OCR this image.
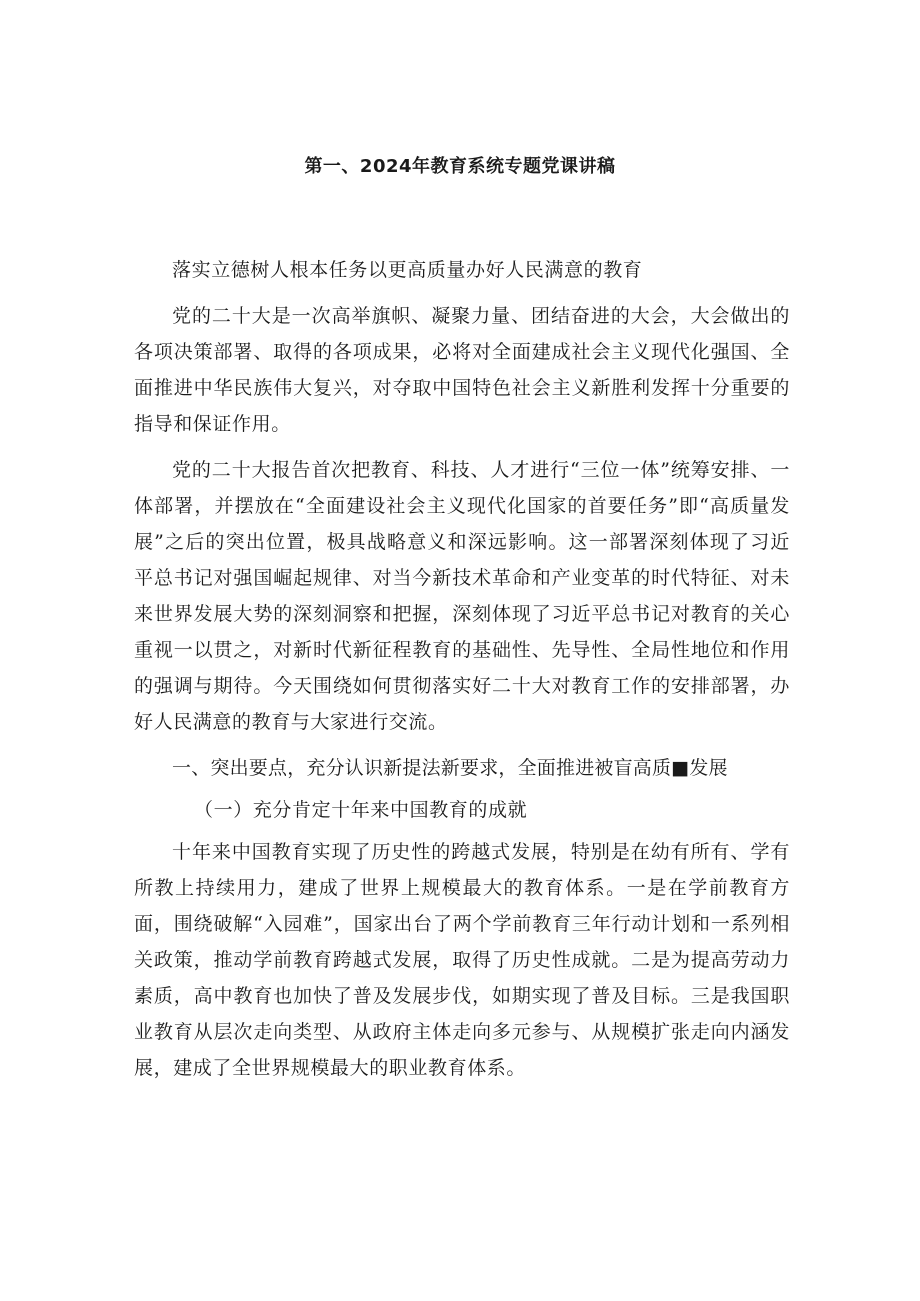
第一、2024年教育系统专题党课讲稿

落实立德树人根本任务以更高质量办好人民满意的教育

党的二十大是一次高举旗帜、凝聚力量、团结奋进的大会，大会做出的各项决策部署、取得的各项成果，必将对全面建成社会主义现代化强国、全面推进中华民族伟大复兴，对夺取中国特色社会主义新胜利发挥十分重要的指导和保证作用。

党的二十大报告首次把教育、科技、人才进行“三位一体”统筹安排、一体部署，并摆放在“全面建设社会主义现代化国家的首要任务”即“高质量发展”之后的突出位置，极具战略意义和深远影响。这一部署深刻体现了习近平总书记对强国崛起规律、对当今新技术革命和产业变革的时代特征、对未来世界发展大势的深刻洞察和把握，深刻体现了习近平总书记对教育的关心重视一以贯之，对新时代新征程教育的基础性、先导性、全局性地位和作用的强调与期待。今天围绕如何贯彻落实好二十大对教育工作的安排部署，办好人民满意的教育与大家进行交流。

一、突出要点，充分认识新提法新要求，全面推进被盲高质■发展

（一）充分肯定十年来中国教育的成就

十年来中国教育实现了历史性的跨越式发展，特别是在幼有所有、学有所教上持续用力，建成了世界上规模最大的教育体系。一是在学前教育方面，围绕破解“入园难”，国家出台了两个学前教育三年行动计划和一系列相关政策，推动学前教育跨越式发展，取得了历史性成就。二是为提高劳动力素质，高中教育也加快了普及发展步伐，如期实现了普及目标。三是我国职业教育从层次走向类型、从政府主体走向多元参与、从规模扩张走向内涵发展，建成了全世界规模最大的职业教育体系。
